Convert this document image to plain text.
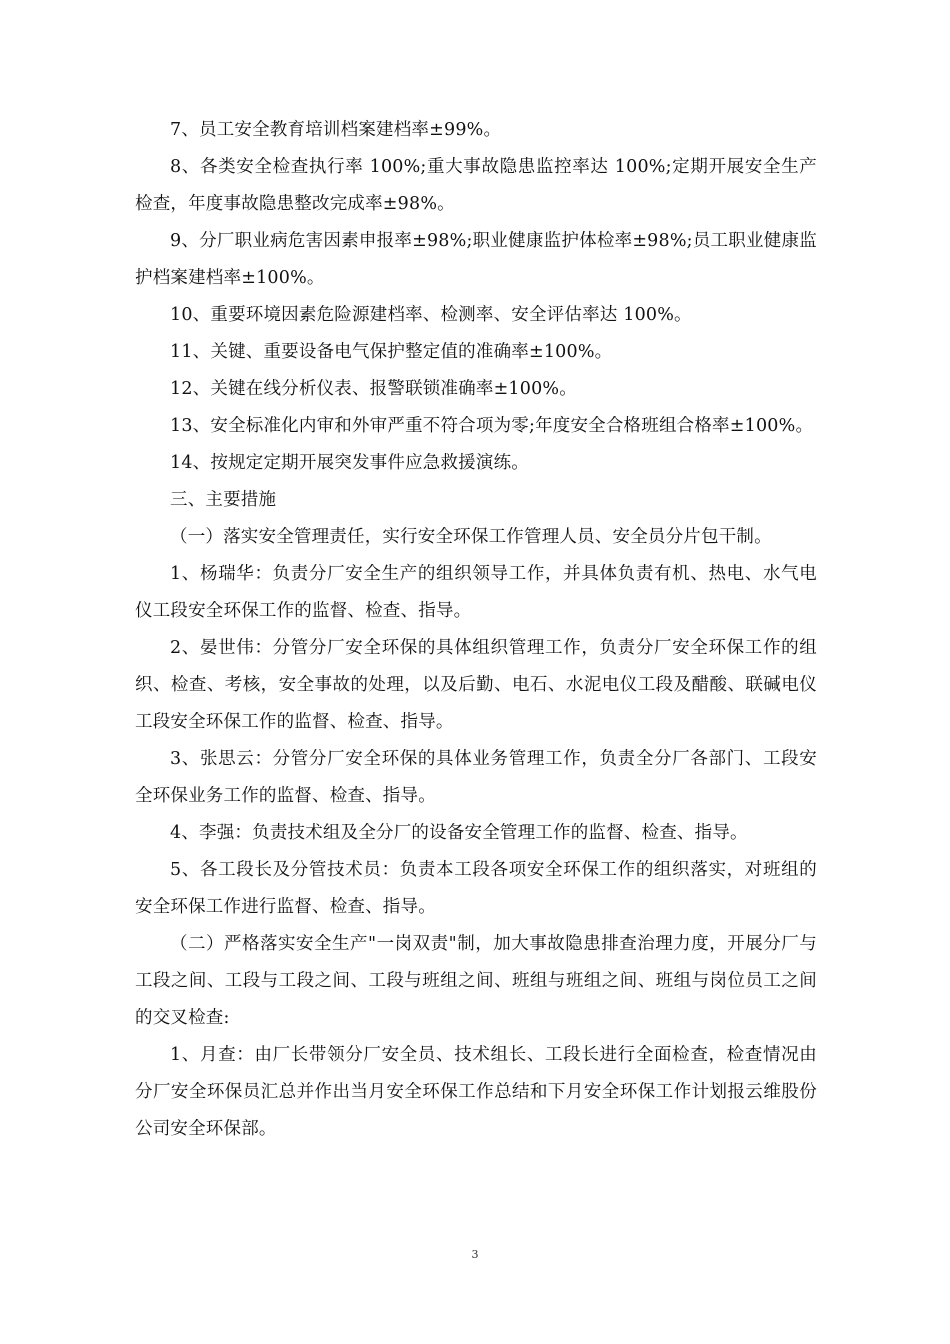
7、员工安全教育培训档案建档率±99%。

8、各类安全检查执行率 100%;重大事故隐患监控率达 100%;定期开展安全生产检查，年度事故隐患整改完成率±98%。

9、分厂职业病危害因素申报率±98%;职业健康监护体检率±98%;员工职业健康监护档案建档率±100%。

10、重要环境因素危险源建档率、检测率、安全评估率达 100%。

11、关键、重要设备电气保护整定值的准确率±100%。

12、关键在线分析仪表、报警联锁准确率±100%。

13、安全标准化内审和外审严重不符合项为零;年度安全合格班组合格率±100%。

14、按规定定期开展突发事件应急救援演练。

三、主要措施

（一）落实安全管理责任，实行安全环保工作管理人员、安全员分片包干制。

1、杨瑞华：负责分厂安全生产的组织领导工作，并具体负责有机、热电、水气电仪工段安全环保工作的监督、检查、指导。

2、晏世伟：分管分厂安全环保的具体组织管理工作，负责分厂安全环保工作的组织、检查、考核，安全事故的处理，以及后勤、电石、水泥电仪工段及醋酸、联碱电仪工段安全环保工作的监督、检查、指导。

3、张思云：分管分厂安全环保的具体业务管理工作，负责全分厂各部门、工段安全环保业务工作的监督、检查、指导。

4、李强：负责技术组及全分厂的设备安全管理工作的监督、检查、指导。

5、各工段长及分管技术员：负责本工段各项安全环保工作的组织落实，对班组的安全环保工作进行监督、检查、指导。

（二）严格落实安全生产"一岗双责"制，加大事故隐患排查治理力度，开展分厂与工段之间、工段与工段之间、工段与班组之间、班组与班组之间、班组与岗位员工之间的交叉检查:

1、月查：由厂长带领分厂安全员、技术组长、工段长进行全面检查，检查情况由分厂安全环保员汇总并作出当月安全环保工作总结和下月安全环保工作计划报云维股份公司安全环保部。

3
